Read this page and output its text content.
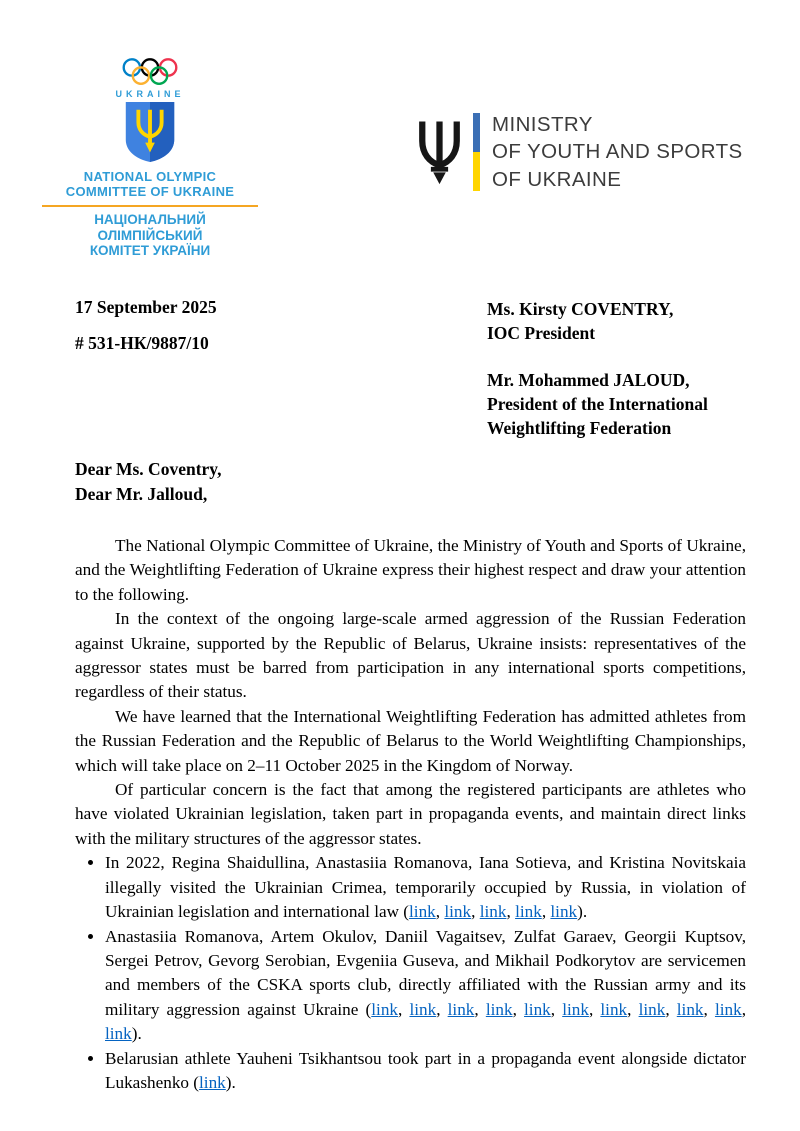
UKRAINE
NATIONAL OLYMPIC
COMMITTEE OF UKRAINE
НАЦІОНАЛЬНИЙ ОЛІМПІЙСЬКИЙ
КОМІТЕТ УКРАЇНИ
MINISTRY
OF YOUTH AND SPORTS
OF UKRAINE
17 September 2025
# 531-НК/9887/10
Ms. Kirsty COVENTRY,
IOC President
Mr. Mohammed JALOUD,
President of the International Weightlifting Federation
Dear Ms. Coventry,
Dear Mr. Jalloud,

The National Olympic Committee of Ukraine, the Ministry of Youth and Sports of Ukraine, and the Weightlifting Federation of Ukraine express their highest respect and draw your attention to the following.

In the context of the ongoing large-scale armed aggression of the Russian Federation against Ukraine, supported by the Republic of Belarus, Ukraine insists: representatives of the aggressor states must be barred from participation in any international sports competitions, regardless of their status.

We have learned that the International Weightlifting Federation has admitted athletes from the Russian Federation and the Republic of Belarus to the World Weightlifting Championships, which will take place on 2–11 October 2025 in the Kingdom of Norway.

Of particular concern is the fact that among the registered participants are athletes who have violated Ukrainian legislation, taken part in propaganda events, and maintain direct links with the military structures of the aggressor states.

• In 2022, Regina Shaidullina, Anastasiia Romanova, Iana Sotieva, and Kristina Novitskaia illegally visited the Ukrainian Crimea, temporarily occupied by Russia, in violation of Ukrainian legislation and international law (link, link, link, link, link).
• Anastasiia Romanova, Artem Okulov, Daniil Vagaitsev, Zulfat Garaev, Georgii Kuptsov, Sergei Petrov, Gevorg Serobian, Evgeniia Guseva, and Mikhail Podkorytov are servicemen and members of the CSKA sports club, directly affiliated with the Russian army and its military aggression against Ukraine (link, link, link, link, link, link, link, link, link, link, link).
• Belarusian athlete Yauheni Tsikhantsou took part in a propaganda event alongside dictator Lukashenko (link).
